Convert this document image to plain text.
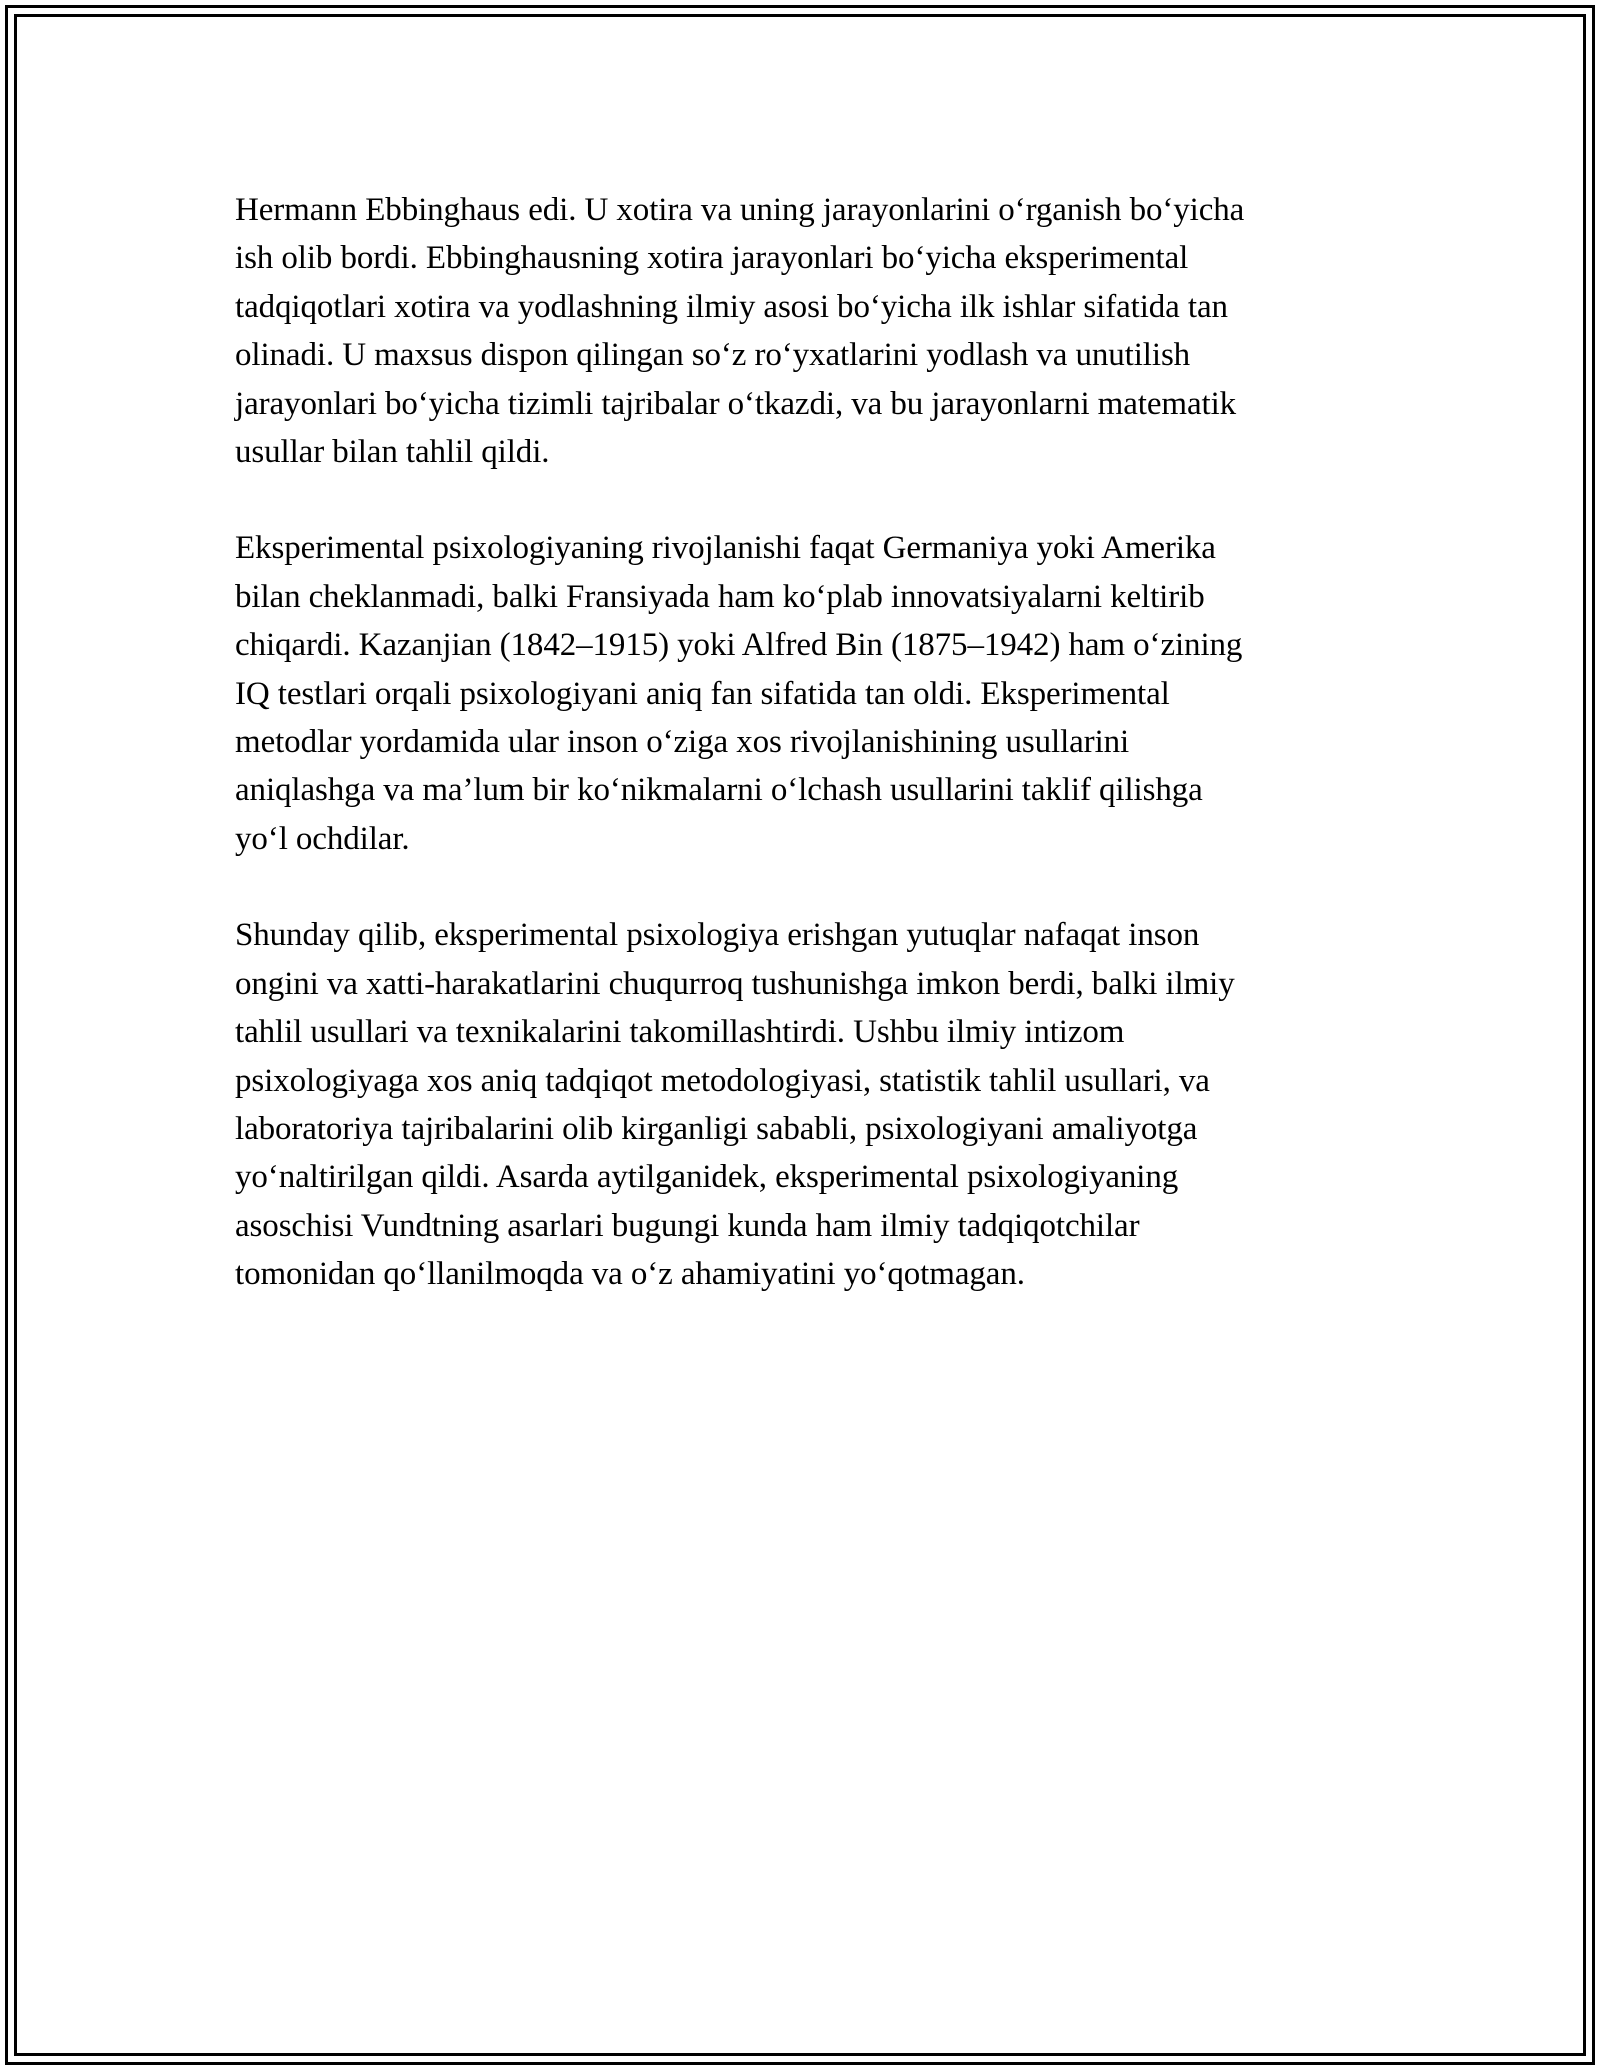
Hermann Ebbinghaus edi. U xotira va uning jarayonlarini o‘rganish bo‘yicha
ish olib bordi. Ebbinghausning xotira jarayonlari bo‘yicha eksperimental
tadqiqotlari xotira va yodlashning ilmiy asosi bo‘yicha ilk ishlar sifatida tan
olinadi. U maxsus dispon qilingan so‘z ro‘yxatlarini yodlash va unutilish
jarayonlari bo‘yicha tizimli tajribalar o‘tkazdi, va bu jarayonlarni matematik
usullar bilan tahlil qildi.

Eksperimental psixologiyaning rivojlanishi faqat Germaniya yoki Amerika
bilan cheklanmadi, balki Fransiyada ham ko‘plab innovatsiyalarni keltirib
chiqardi. Kazanjian (1842–1915) yoki Alfred Bin (1875–1942) ham o‘zining
IQ testlari orqali psixologiyani aniq fan sifatida tan oldi. Eksperimental
metodlar yordamida ular inson o‘ziga xos rivojlanishining usullarini
aniqlashga va ma’lum bir ko‘nikmalarni o‘lchash usullarini taklif qilishga
yo‘l ochdilar.

Shunday qilib, eksperimental psixologiya erishgan yutuqlar nafaqat inson
ongini va xatti-harakatlarini chuqurroq tushunishga imkon berdi, balki ilmiy
tahlil usullari va texnikalarini takomillashtirdi. Ushbu ilmiy intizom
psixologiyaga xos aniq tadqiqot metodologiyasi, statistik tahlil usullari, va
laboratoriya tajribalarini olib kirganligi sababli, psixologiyani amaliyotga
yo‘naltirilgan qildi. Asarda aytilganidek, eksperimental psixologiyaning
asoschisi Vundtning asarlari bugungi kunda ham ilmiy tadqiqotchilar
tomonidan qo‘llanilmoqda va o‘z ahamiyatini yo‘qotmagan.
